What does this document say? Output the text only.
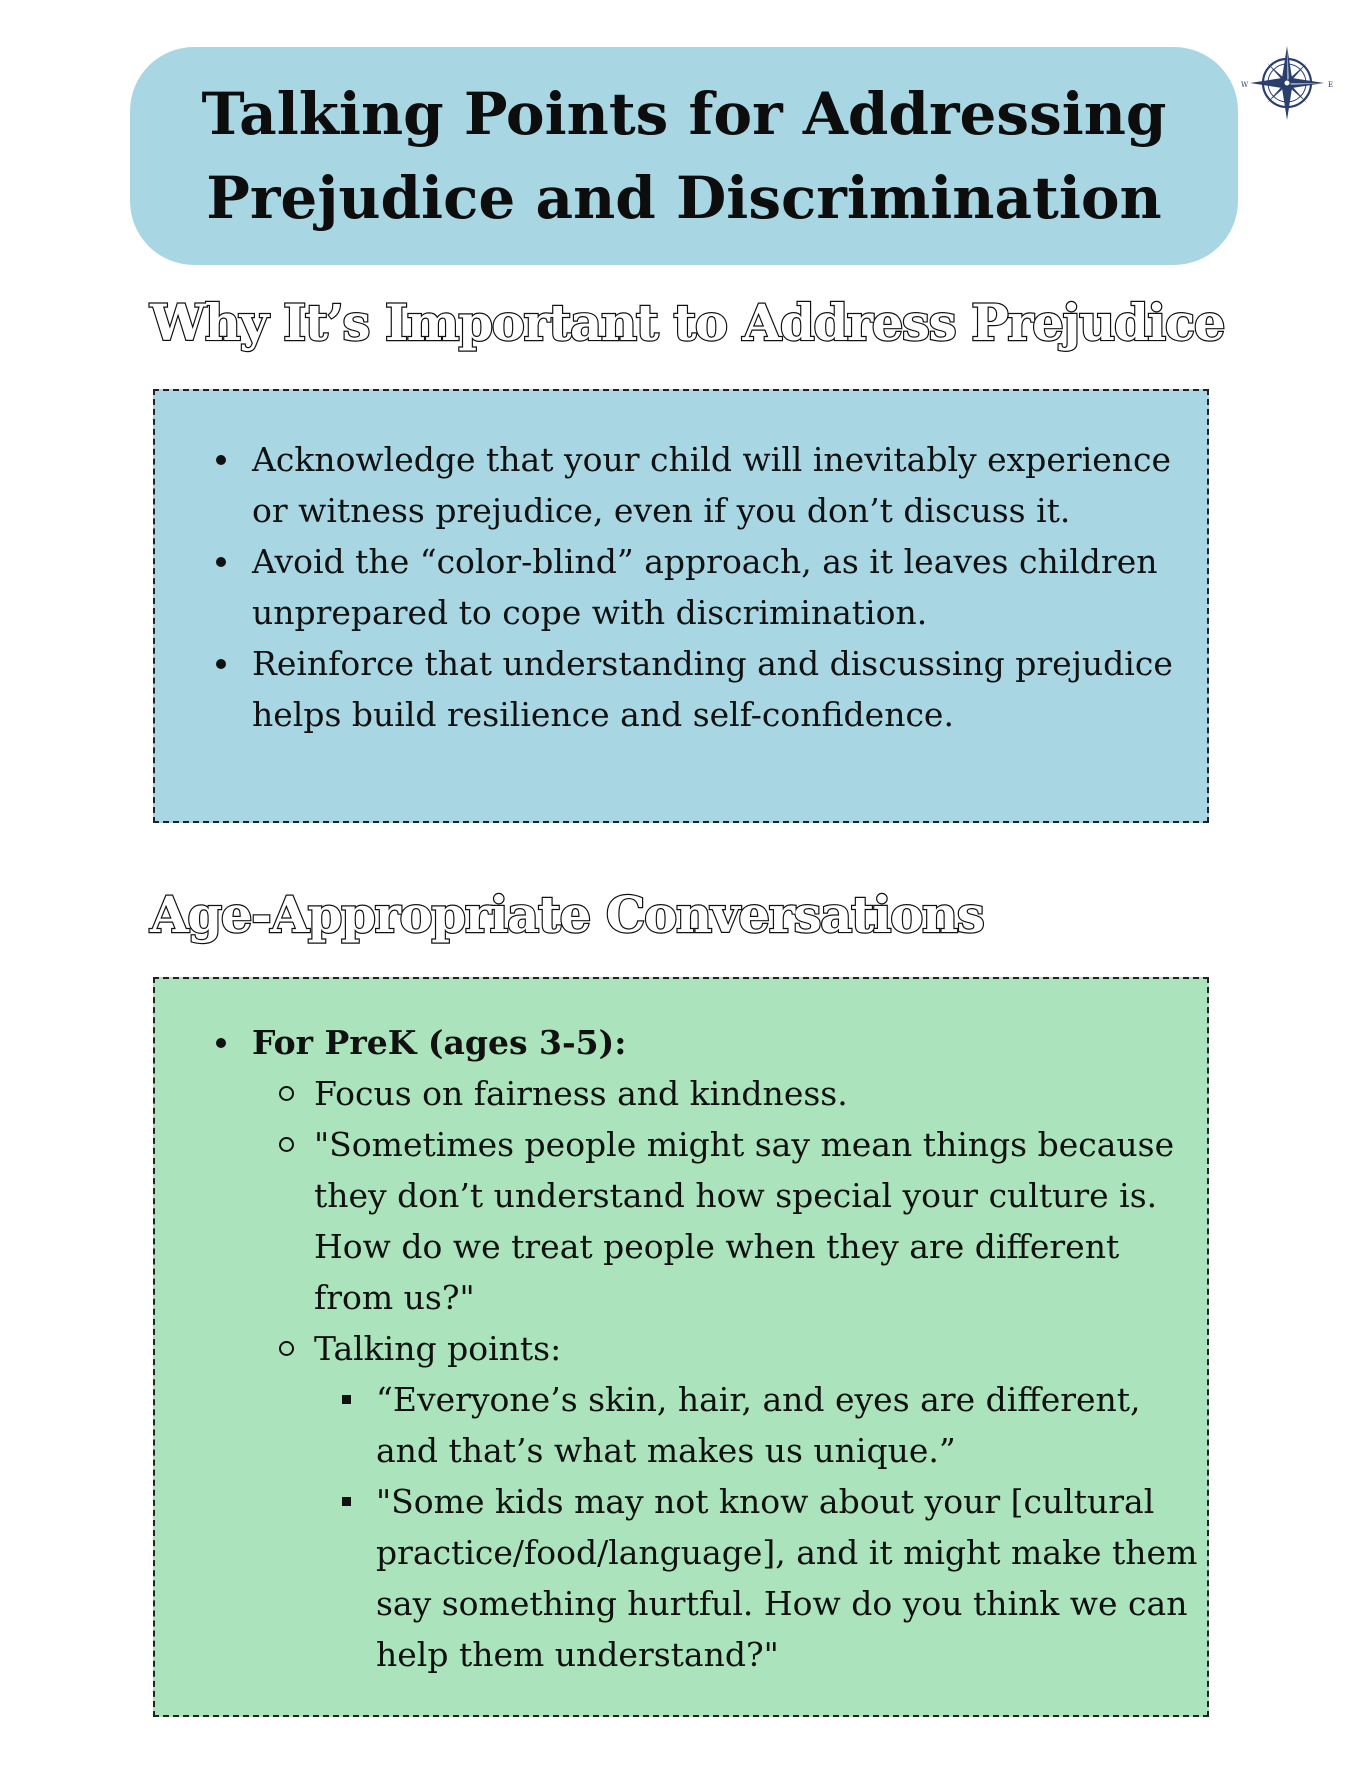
Talking Points for Addressing
Prejudice and Discrimination
W	E
Why It’s Important to Address Prejudice
Acknowledge that your child will inevitably experience or witness prejudice, even if you don’t discuss it.
Avoid the “color-blind” approach, as it leaves children unprepared to cope with discrimination.
Reinforce that understanding and discussing prejudice helps build resilience and self-confidence.
Age-Appropriate Conversations
For PreK (ages 3-5):
Focus on fairness and kindness.
"Sometimes people might say mean things because they don’t understand how special your culture is. How do we treat people when they are different from us?"
Talking points:
“Everyone’s skin, hair, and eyes are different, and that’s what makes us unique.”
"Some kids may not know about your [cultural practice/food/language], and it might make them say something hurtful. How do you think we can help them understand?"
